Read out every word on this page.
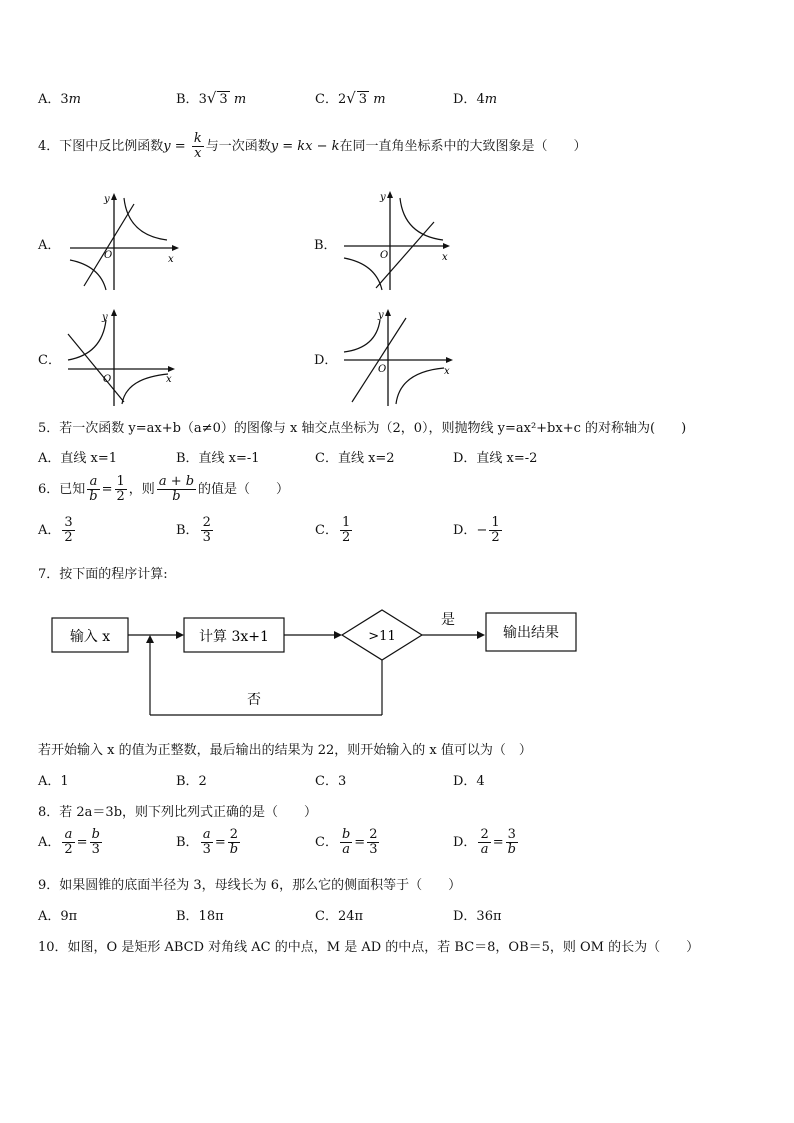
A．3m	B．3√ 3 m	C．2√ 3 m	D．4m
4．下图中反比例函数$y = \frac{k}{x}$ 与一次函数y = kx − k在同一直角坐标系中的大致图象是（　　）
A．
x
y
O
B．
x
y
O
C．
x
y
O
D．
x
y
O
5．若一次函数 y=ax+b（a≠0）的图像与 x 轴交点坐标为（2，0），则抛物线 y=ax²+bx+c 的对称轴为(　　)
A．直线 x=1	B．直线 x=-1	C．直线 x=2	D．直线 x=-2
6．已知 $\frac{a}{b} = \frac{1}{2}$ ，则 $\frac{a + b}{b}$ 的值是（　　）
A． $\frac{3}{2}$	B． $\frac{2}{3}$	C． $\frac{1}{2}$	D．− $\frac{1}{2}$
7．按下面的程序计算:
输入 x	计算 3x+1	>11
是
输出结果
否
若开始输入 x 的值为正整数，最后输出的结果为 22，则开始输入的 x 值可以为（　）
A．1	B．2	C．3	D．4
8．若 2a＝3b，则下列比列式正确的是（　　）
A． $\frac{a}{2} = \frac{b}{3}$	B． $\frac{a}{3} = \frac{2}{b}$	C． $\frac{b}{a} = \frac{2}{3}$	D． $\frac{2}{a} = \frac{3}{b}$
9．如果圆锥的底面半径为 3，母线长为 6，那么它的侧面积等于（　　）
A．9π	B．18π	C．24π	D．36π
10．如图，O 是矩形 ABCD 对角线 AC 的中点，M 是 AD 的中点，若 BC＝8，OB＝5，则 OM 的长为（　　）
